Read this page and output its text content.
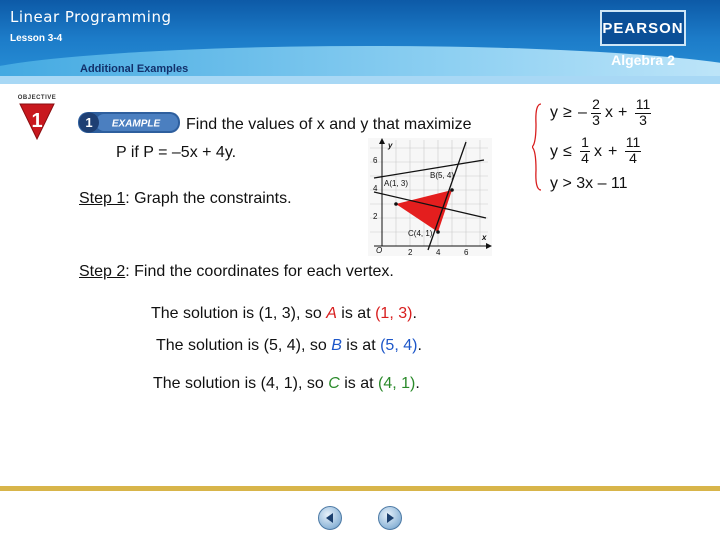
Linear Programming
Lesson 3-4
Additional Examples
PEARSON
Algebra 2
OBJECTIVE
1	1 EXAMPLE Find the values of x and y that maximize
P if P = –5x + 4y.
Step 1: Graph the constraints.
Step 2: Find the coordinates for each vertex.
The solution is (1, 3), so A is at (1, 3).
The solution is (5, 4), so B is at (5, 4).
The solution is (4, 1), so C is at (4, 1).
y
x
O
6
4
2
2	4	6
A(1, 3)
B(5, 4)
C(4, 1)
y ≥ – 2
3 x + 11
3
y ≤
1
4 x +
11
4
y > 3x – 11
